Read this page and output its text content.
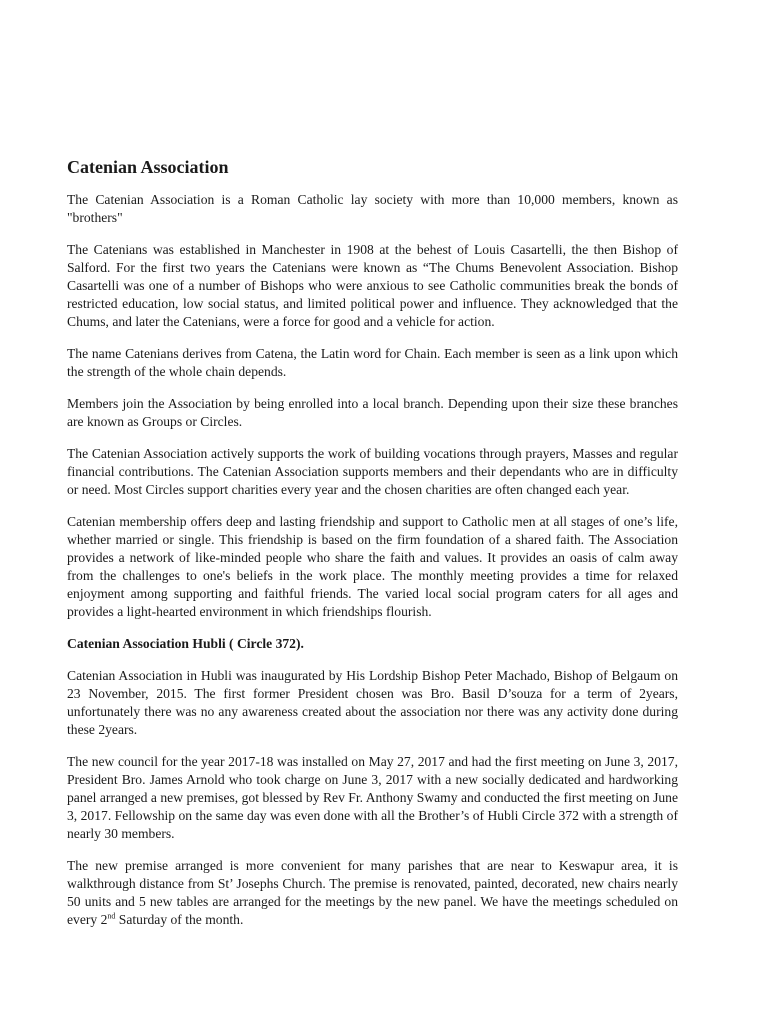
Catenian Association

The Catenian Association is a Roman Catholic lay society with more than 10,000 members, known as "brothers"

The Catenians was established in Manchester in 1908 at the behest of Louis Casartelli, the then Bishop of Salford. For the first two years the Catenians were known as “The Chums Benevolent Association. Bishop Casartelli was one of a number of Bishops who were anxious to see Catholic communities break the bonds of restricted education, low social status, and limited political power and influence. They acknowledged that the Chums, and later the Catenians, were a force for good and a vehicle for action.

The name Catenians derives from Catena, the Latin word for Chain. Each member is seen as a link upon which the strength of the whole chain depends.

Members join the Association by being enrolled into a local branch. Depending upon their size these branches are known as Groups or Circles.

The Catenian Association actively supports the work of building vocations through prayers, Masses and regular financial contributions. The Catenian Association supports members and their dependants who are in difficulty or need. Most Circles support charities every year and the chosen charities are often changed each year.

Catenian membership offers deep and lasting friendship and support to Catholic men at all stages of one’s life, whether married or single. This friendship is based on the firm foundation of a shared faith. The Association provides a network of like-minded people who share the faith and values. It provides an oasis of calm away from the challenges to one's beliefs in the work place. The monthly meeting provides a time for relaxed enjoyment among supporting and faithful friends. The varied local social program caters for all ages and provides a light-hearted environment in which friendships flourish.

Catenian Association Hubli ( Circle 372).

Catenian Association in Hubli was inaugurated by His Lordship Bishop Peter Machado, Bishop of Belgaum on 23 November, 2015. The first former President chosen was Bro. Basil D’souza for a term of 2years, unfortunately there was no any awareness created about the association nor there was any activity done during these 2years.

The new council for the year 2017-18 was installed on May 27, 2017 and had the first meeting on June 3, 2017, President Bro. James Arnold who took charge on June 3, 2017 with a new socially dedicated and hardworking panel arranged a new premises, got blessed by Rev Fr. Anthony Swamy and conducted the first meeting on June 3, 2017. Fellowship on the same day was even done with all the Brother’s of Hubli Circle 372 with a strength of nearly 30 members.

The new premise arranged is more convenient for many parishes that are near to Keswapur area, it is walkthrough distance from St’ Josephs Church. The premise is renovated, painted, decorated, new chairs nearly 50 units and 5 new tables are arranged for the meetings by the new panel. We have the meetings scheduled on every 2nd Saturday of the month.
